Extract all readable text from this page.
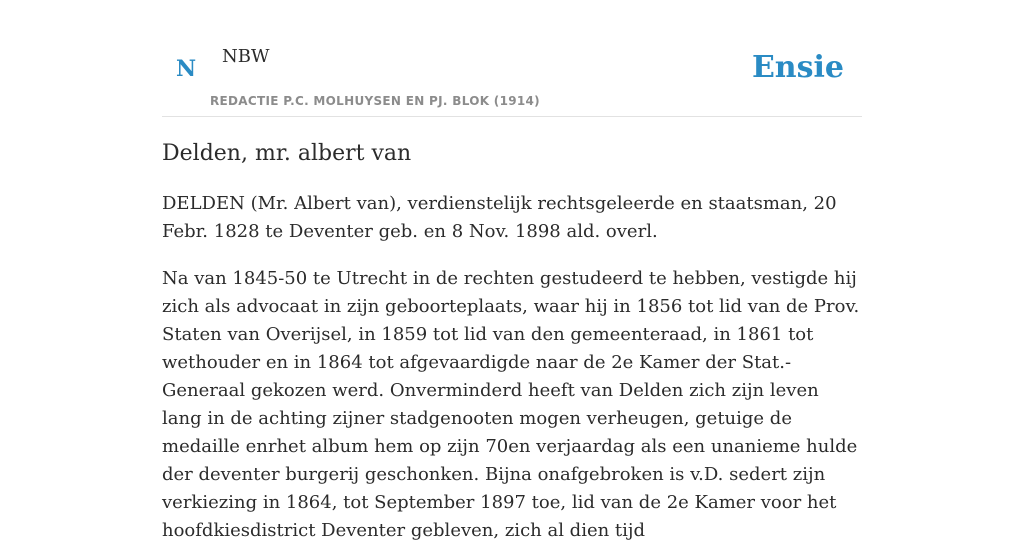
N NBW
REDACTIE P.C. MOLHUYSEN EN PJ. BLOK (1914)
Ensie
Delden, mr. albert van

DELDEN (Mr. Albert van), verdienstelijk rechtsgeleerde en staatsman, 20 Febr. 1828 te Deventer geb. en 8 Nov. 1898 ald. overl.

Na van 1845-50 te Utrecht in de rechten gestudeerd te hebben, vestigde hij zich als advocaat in zijn geboorteplaats, waar hij in 1856 tot lid van de Prov. Staten van Overijsel, in 1859 tot lid van den gemeenteraad, in 1861 tot wethouder en in 1864 tot afgevaardigde naar de 2e Kamer der Stat.-Generaal gekozen werd. Onverminderd heeft van Delden zich zijn leven lang in de achting zijner stadgenooten mogen verheugen, getuige de medaille enrhet album hem op zijn 70en verjaardag als een unanieme hulde der deventer burgerij geschonken. Bijna onafgebroken is v.D. sedert zijn verkiezing in 1864, tot September 1897 toe, lid van de 2e Kamer voor het hoofdkiesdistrict Deventer gebleven, zich al dien tijd
